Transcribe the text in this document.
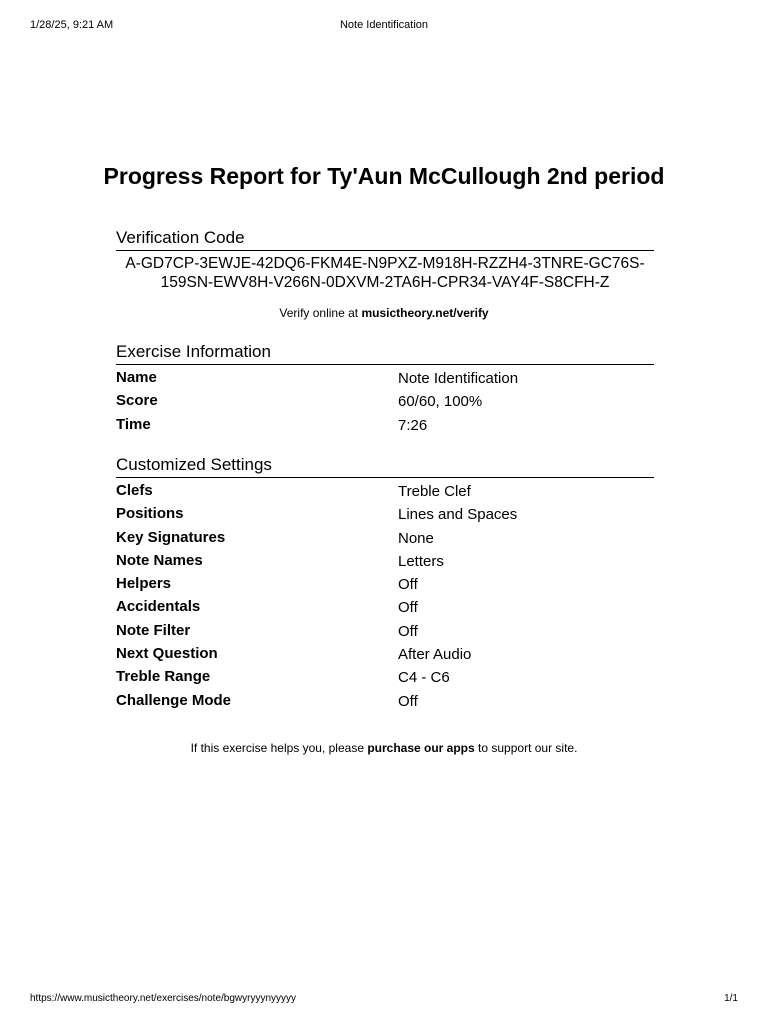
1/28/25, 9:21 AM	Note Identification
Progress Report for Ty'Aun McCullough 2nd period
Verification Code
A-GD7CP-3EWJE-42DQ6-FKM4E-N9PXZ-M918H-RZZH4-3TNRE-GC76S-
159SN-EWV8H-V266N-0DXVM-2TA6H-CPR34-VAY4F-S8CFH-Z
Verify online at musictheory.net/verify
Exercise Information
Name	Note Identification
Score	60/60, 100%
Time	7:26
Customized Settings
Clefs	Treble Clef
Positions	Lines and Spaces
Key Signatures	None
Note Names	Letters
Helpers	Off
Accidentals	Off
Note Filter	Off
Next Question	After Audio
Treble Range	C4 - C6
Challenge Mode	Off
If this exercise helps you, please purchase our apps to support our site.
https://www.musictheory.net/exercises/note/bgwyryyynyyyyy	1/1
